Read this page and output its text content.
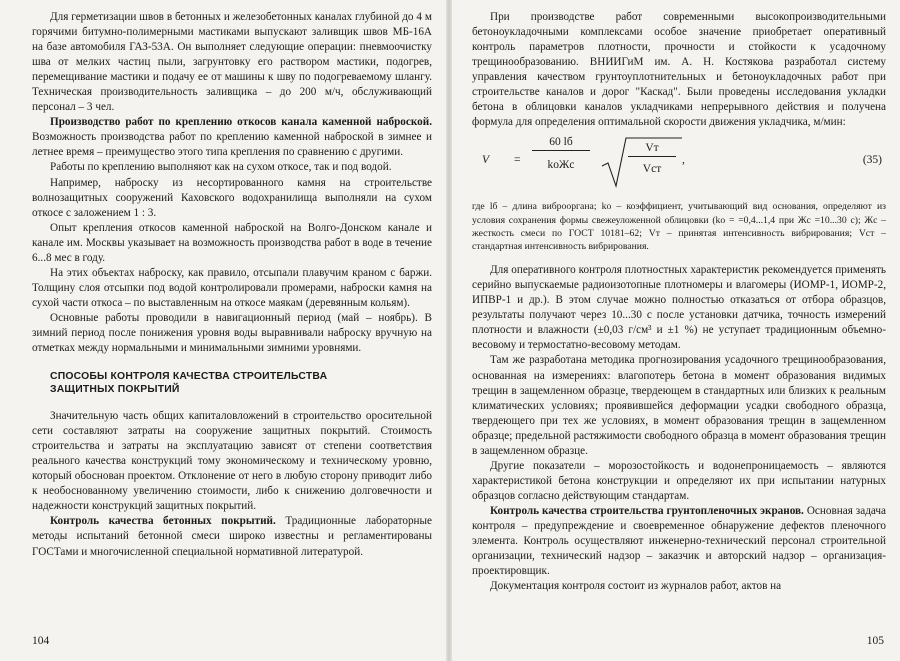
Для герметизации швов в бетонных и железобетонных каналах глубиной до 4 м горячими битумно-полимерными мастиками выпускают заливщик швов МБ-16А на базе автомобиля ГАЗ-53А. Он выполняет следующие операции: пневмоочистку шва от мелких частиц пыли, загрунтовку его раствором мастики, подогрев, перемещивание мастики и подачу ее от машины к шву по подогреваемому шлангу. Техническая производительность заливщика – до 200 м/ч, обслуживающий персонал – 3 чел.

Производство работ по креплению откосов канала каменной наброской. Возможность производства работ по креплению каменной наброской в зимнее и летнее время – преимущество этого типа крепления по сравнению с другими.

Работы по креплению выполняют как на сухом откосе, так и под водой.

Например, наброску из несортированного камня на строительстве волнозащитных сооружений Каховского водохранилища выполняли на сухом откосе с заложением 1 : 3.

Опыт крепления откосов каменной наброской на Волго-Донском канале и канале им. Москвы указывает на возможность производства работ в воде в течение 6...8 мес в году.

На этих объектах наброску, как правило, отсыпали плавучим краном с баржи. Толщину слоя отсыпки под водой контролировали промерами, наброски камня на сухой части откоса – по выставленным на откосе маякам (деревянным кольям).

Основные работы проводили в навигационный период (май – ноябрь). В зимний период после понижения уровня воды выравнивали наброску вручную на отметках между нормальными и минимальными зимними уровнями.

СПОСОБЫ КОНТРОЛЯ КАЧЕСТВА СТРОИТЕЛЬСТВА
ЗАЩИТНЫХ ПОКРЫТИЙ

Значительную часть общих капиталовложений в строительство оросительной сети составляют затраты на сооружение защитных покрытий. Стоимость строительства и затраты на эксплуатацию зависят от степени соответствия реального качества конструкций тому экономическому и техническому уровню, который обоснован проектом. Отклонение от него в любую сторону приводит либо к необоснованному увеличению стоимости, либо к снижению долговечности и надежности конструкций защитных покрытий.

Контроль качества бетонных покрытий. Традиционные лабораторные методы испытаний бетонной смеси широко известны и регламентированы ГОСТами и многочисленной специальной нормативной литературой.

104

При производстве работ современными высокопроизводительными бетоноукладочными комплексами особое значение приобретает оперативный контроль параметров плотности, прочности и стойкости к усадочному трещинообразованию. ВНИИГиМ им. А. Н. Костякова разработал систему управления качеством грунтоуплотнительных и бетоноукладочных работ при строительстве каналов и дорог "Каскад". Были проведены исследования укладки бетона в облицовки каналов укладчиками непрерывного действия и получена формула для определения оптимальной скорости движения укладчика, м/мин:

V =
60 lб
kоЖс
Vт
Vст
,	(35)
где lб – длина виброоргана; kо – коэффициент, учитывающий вид основания, определяют из условия сохранения формы свежеуложенной облицовки (kо = =0,4...1,4 при Жс =10...30 с); Жс – жесткость смеси по ГОСТ 10181–62; Vт – принятая интенсивность вибрирования; Vст – стандартная интенсивность вибрирования.

Для оперативного контроля плотностных характеристик рекомендуется применять серийно выпускаемые радиоизотопные плотномеры и влагомеры (ИОМР-1, ИОМР-2, ИПВР-1 и др.). В этом случае можно полностью отказаться от отбора образцов, результаты получают через 10...30 с после установки датчика, точность измерений плотности и влажности (±0,03 г/см³ и ±1 %) не уступает традиционным объемно-весовому и термостатно-весовому методам.

Там же разработана методика прогнозирования усадочного трещинообразования, основанная на измерениях: влагопотерь бетона в момент образования видимых трещин в защемленном образце, твердеющем в стандартных или близких к реальным климатических условиях; проявившейся деформации усадки свободного образца, твердеющего при тех же условиях, в момент образования трещин в защемленном образце; предельной растяжимости свободного образца в момент образования трещин в защемленном образце.

Другие показатели – морозостойкость и водонепроницаемость – являются характеристикой бетона конструкции и определяют их при испытании натурных образцов согласно действующим стандартам.

Контроль качества строительства грунтопленочных экранов. Основная задача контроля – предупреждение и своевременное обнаружение дефектов пленочного элемента. Контроль осуществляют инженерно-технический персонал строительной организации, технический надзор – заказчик и авторский надзор – организация-проектировщик.

Документация контроля состоит из журналов работ, актов на

105
